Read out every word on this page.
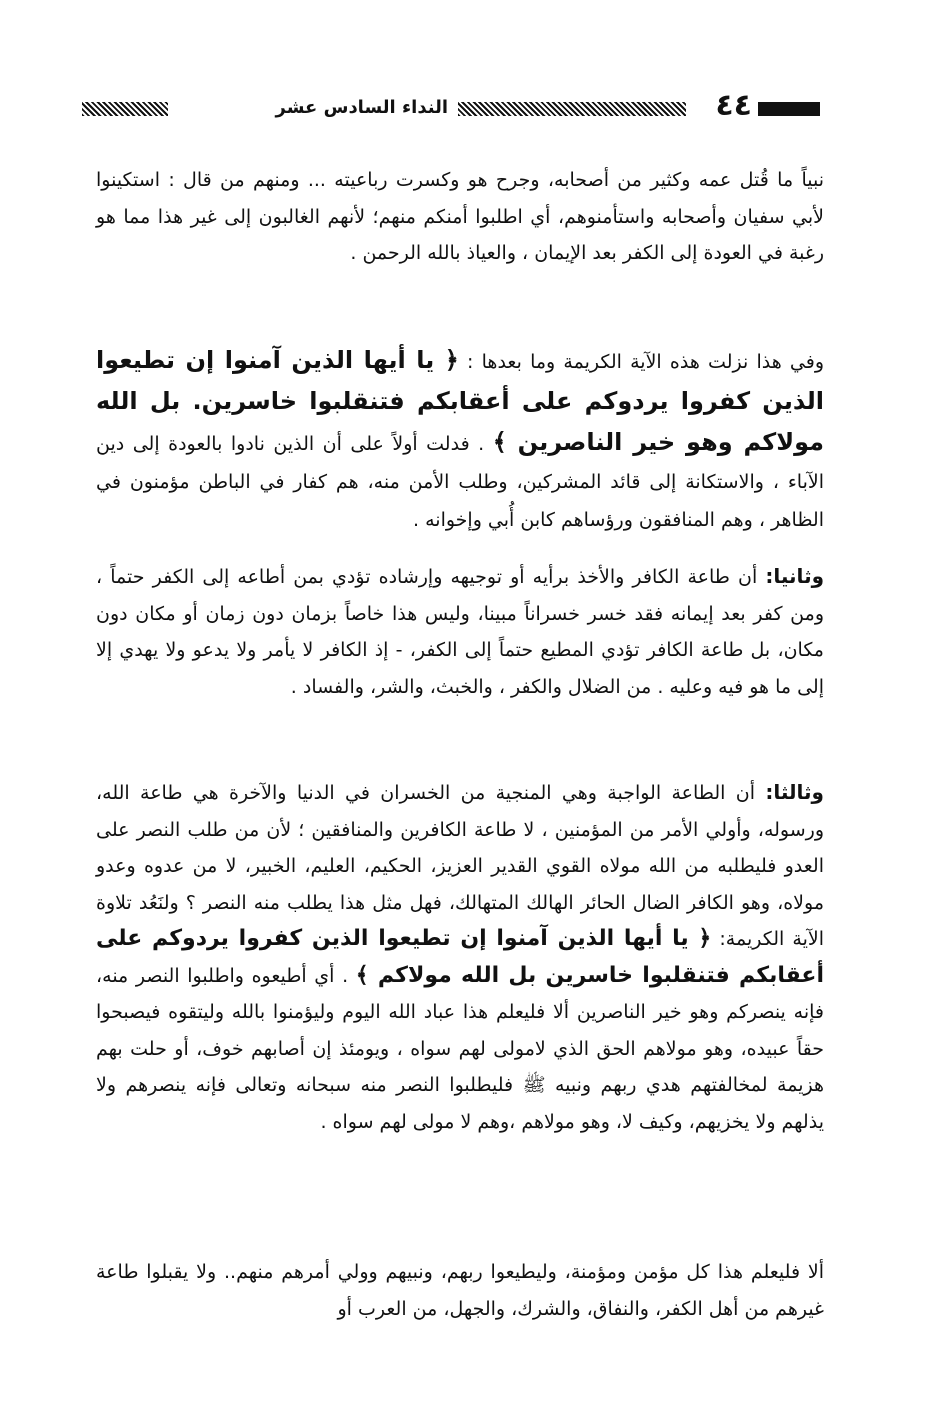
٤٤
النداء السادس عشر
نبياً ما قُتل عمه وكثير من أصحابه، وجرح هو وكسرت رباعيته ... ومنهم من قال : استكينوا لأبي سفيان وأصحابه واستأمنوهم، أي اطلبوا أمنكم منهم؛ لأنهم الغالبون إلى غير هذا مما هو رغبة في العودة إلى الكفر بعد الإيمان ، والعياذ بالله الرحمن .
وفي هذا نزلت هذه الآية الكريمة وما بعدها : ﴿ يا أيها الذين آمنوا إن تطيعوا الذين كفروا يردوكم على أعقابكم فتنقلبوا خاسرين. بل الله مولاكم وهو خير الناصرين ﴾ . فدلت أولاً على أن الذين نادوا بالعودة إلى دين الآباء ، والاستكانة إلى قائد المشركين، وطلب الأمن منه، هم كفار في الباطن مؤمنون في الظاهر ، وهم المنافقون ورؤساهم كابن أُبي وإخوانه .
وثانيا: أن طاعة الكافر والأخذ برأيه أو توجيهه وإرشاده تؤدي بمن أطاعه إلى الكفر حتماً ، ومن كفر بعد إيمانه فقد خسر خسراناً مبينا، وليس هذا خاصاً بزمان دون زمان أو مكان دون مكان، بل طاعة الكافر تؤدي المطيع حتماً إلى الكفر، - إذ الكافر لا يأمر ولا يدعو ولا يهدي إلا إلى ما هو فيه وعليه . من الضلال والكفر ، والخبث، والشر، والفساد .
وثالثا: أن الطاعة الواجبة وهي المنجية من الخسران في الدنيا والآخرة هي طاعة الله، ورسوله، وأولي الأمر من المؤمنين ، لا طاعة الكافرين والمنافقين ؛ لأن من طلب النصر على العدو فليطلبه من الله مولاه القوي القدير العزيز، الحكيم، العليم، الخبير، لا من عدوه وعدو مولاه، وهو الكافر الضال الحائر الهالك المتهالك، فهل مثل هذا يطلب منه النصر ؟ ولنَعُد تلاوة الآية الكريمة: ﴿ يا أيها الذين آمنوا إن تطيعوا الذين كفروا يردوكم على أعقابكم فتنقلبوا خاسرين بل الله مولاكم ﴾ . أي أطيعوه واطلبوا النصر منه، فإنه ينصركم وهو خير الناصرين ألا فليعلم هذا عباد الله اليوم وليؤمنوا بالله وليتقوه فيصبحوا حقاً عبيده، وهو مولاهم الحق الذي لامولى لهم سواه ، ويومئذ إن أصابهم خوف، أو حلت بهم هزيمة لمخالفتهم هدي ربهم ونبيه ﷺ فليطلبوا النصر منه سبحانه وتعالى فإنه ينصرهم ولا يذلهم ولا يخزيهم، وكيف لا، وهو مولاهم ،وهم لا مولى لهم سواه .
ألا فليعلم هذا كل مؤمن ومؤمنة، وليطيعوا ربهم، ونبيهم وولي أمرهم منهم.. ولا يقبلوا طاعة غيرهم من أهل الكفر، والنفاق، والشرك، والجهل، من العرب أو
